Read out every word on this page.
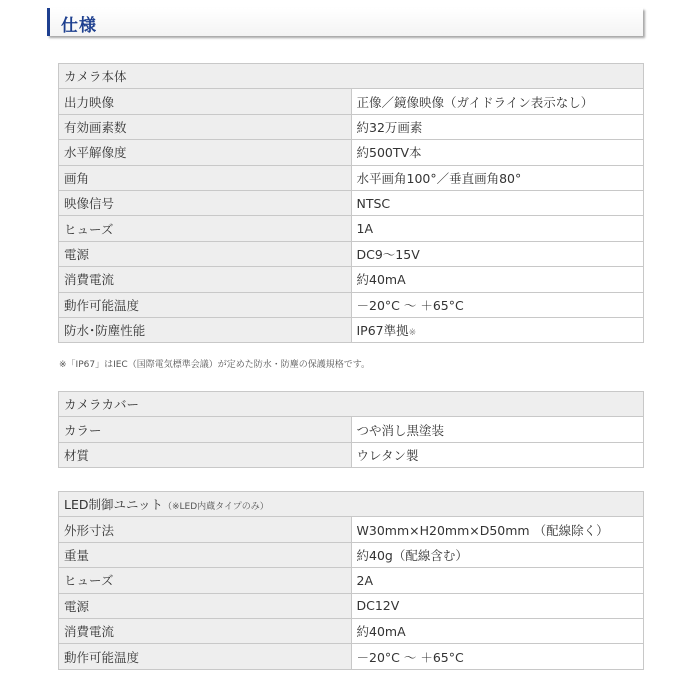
仕様
カメラ本体	
出力映像	正像／鏡像映像（ガイドライン表示なし）
有効画素数	約32万画素
水平解像度	約500TV本
画角	水平画角100°／垂直画角80°
映像信号	NTSC
ヒューズ	1A
電源	DC9～15V
消費電流	約40mA
動作可能温度	－20°C ～ ＋65°C
防水･防塵性能	IP67準拠※
※「IP67」はIEC（国際電気標準会議）が定めた防水・防塵の保護規格です。
カメラカバー	
カラー	つや消し黒塗装
材質	ウレタン製
LED制御ユニット（※LED内蔵タイプのみ）	
外形寸法	W30mm×H20mm×D50mm （配線除く）
重量	約40g（配線含む）
ヒューズ	2A
電源	DC12V
消費電流	約40mA
動作可能温度	－20°C ～ ＋65°C
